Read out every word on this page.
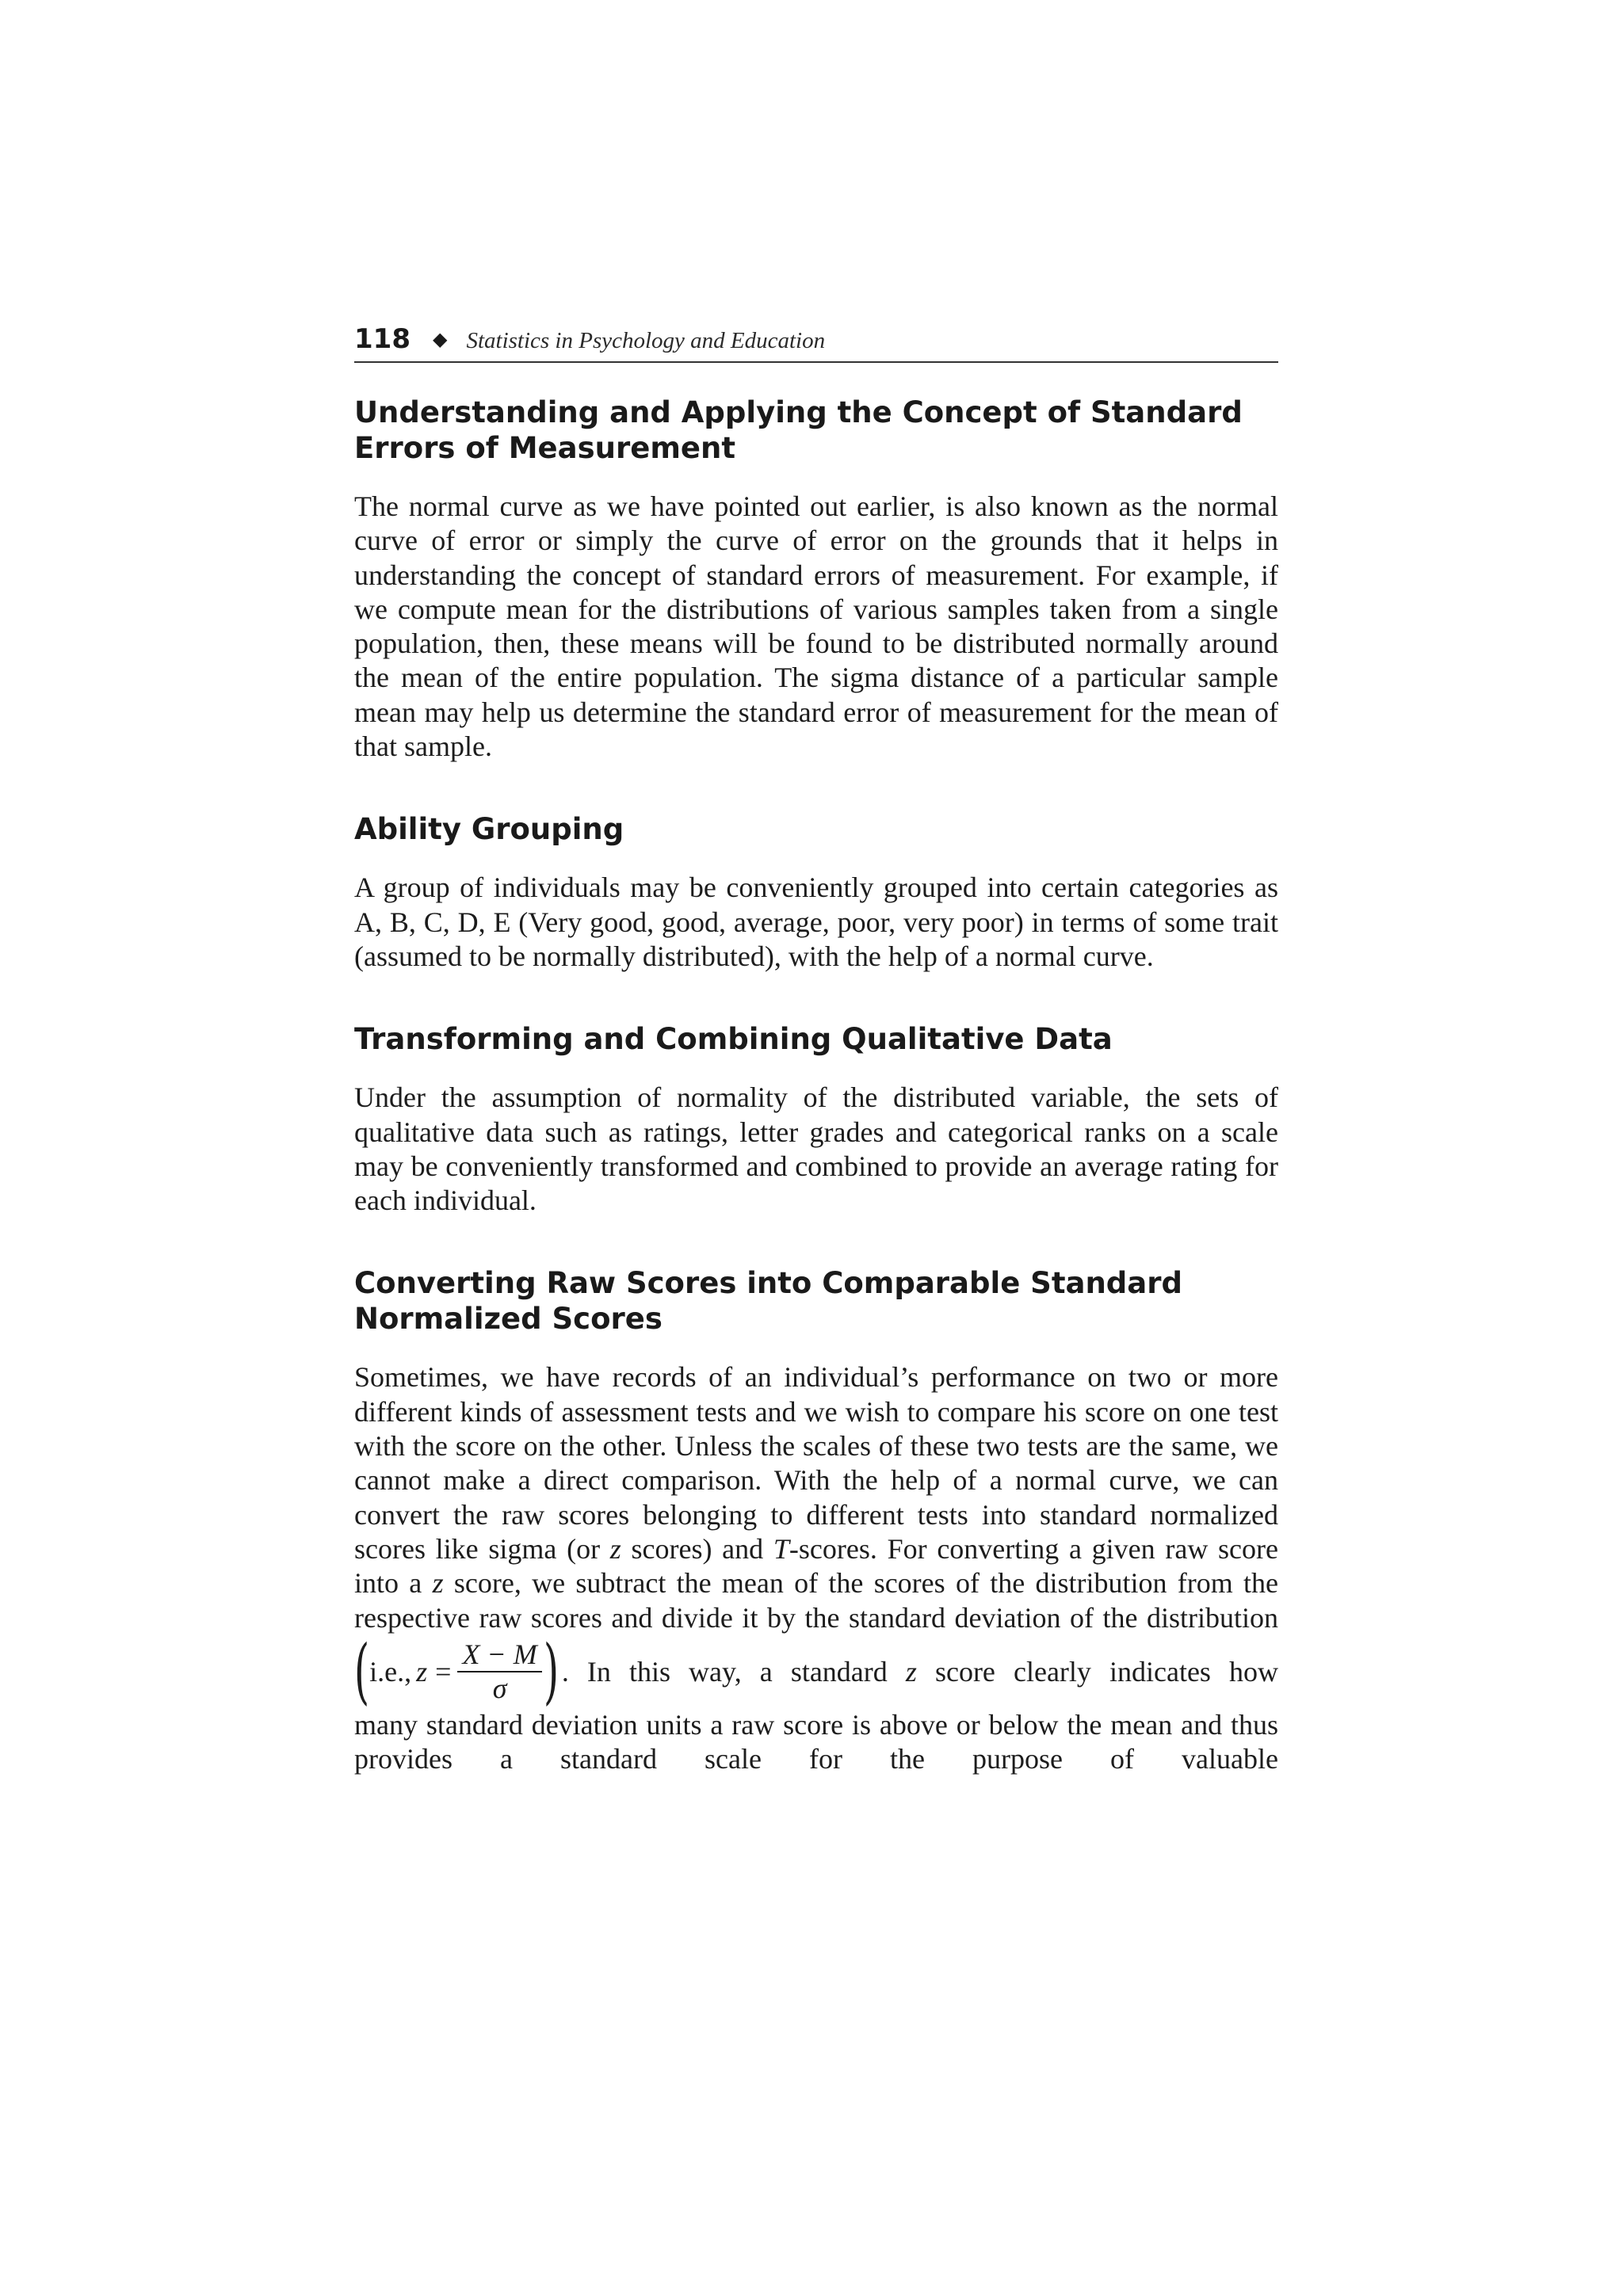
118 ◆ Statistics in Psychology and Education
Understanding and Applying the Concept of Standard
Errors of Measurement

The normal curve as we have pointed out earlier, is also known as the normal curve of error or simply the curve of error on the grounds that it helps in understanding the concept of standard errors of measurement. For example, if we compute mean for the distributions of various samples taken from a single population, then, these means will be found to be distributed normally around the mean of the entire population. The sigma distance of a particular sample mean may help us determine the standard error of measurement for the mean of that sample.

Ability Grouping

A group of individuals may be conveniently grouped into certain categories as A, B, C, D, E (Very good, good, average, poor, very poor) in terms of some trait (assumed to be normally distributed), with the help of a normal curve.

Transforming and Combining Qualitative Data

Under the assumption of normality of the distributed variable, the sets of qualitative data such as ratings, letter grades and categorical ranks on a scale may be conveniently transformed and combined to provide an average rating for each individual.

Converting Raw Scores into Comparable Standard
Normalized Scores

Sometimes, we have records of an individual’s performance on two or more different kinds of assessment tests and we wish to compare his score on one test with the score on the other. Unless the scales of these two tests are the same, we cannot make a direct comparison. With the help of a normal curve, we can convert the raw scores belonging to different tests into standard normalized scores like sigma (or z scores) and T-scores. For converting a given raw score into a z score, we subtract the mean of the scores of the distribution from the respective raw scores and divide it by the standard deviation of the distribution

( i.e., $z = \frac{X - M}{\sigma}$ ) . In this way, a standard z score clearly indicates how

many standard deviation units a raw score is above or below the mean and thus provides a standard scale for the purpose of valuable
